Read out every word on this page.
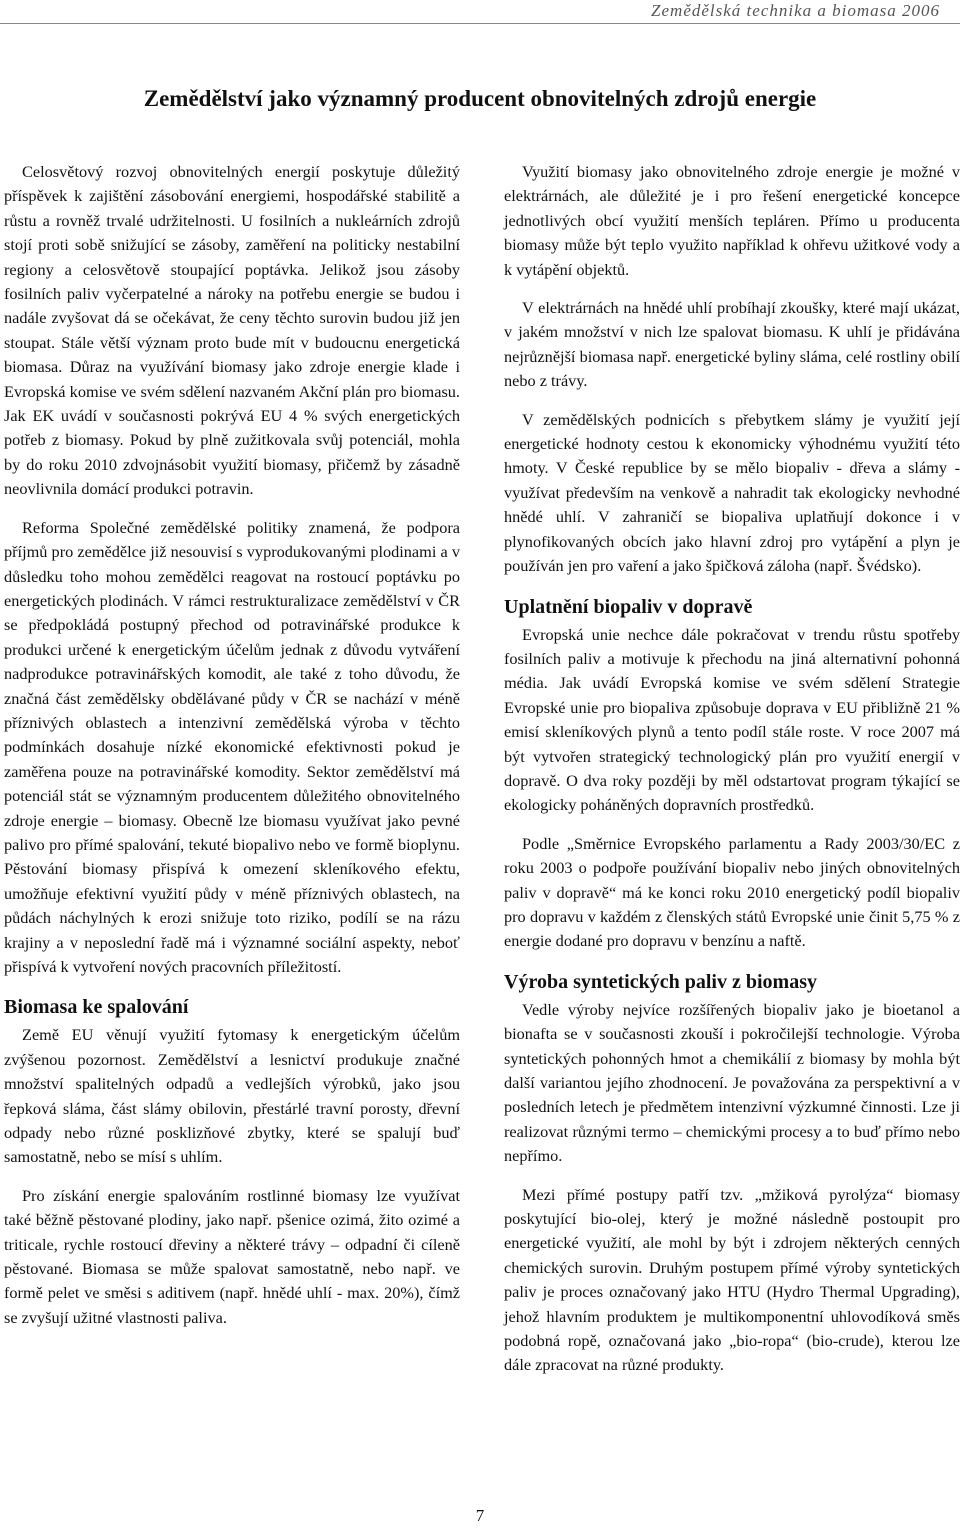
Zemědělská technika a biomasa 2006
Zemědělství jako významný producent obnovitelných zdrojů energie

Celosvětový rozvoj obnovitelných energií poskytuje důležitý příspěvek k zajištění zásobování energiemi, hospodářské stabilitě a růstu a rovněž trvalé udržitelnosti. U fosilních a nukleárních zdrojů stojí proti sobě snižující se zásoby, zaměření na politicky nestabilní regiony a celosvětově stoupající poptávka. Jelikož jsou zásoby fosilních paliv vyčerpatelné a nároky na potřebu energie se budou i nadále zvyšovat dá se očekávat, že ceny těchto surovin budou již jen stoupat. Stále větší význam proto bude mít v budoucnu energetická biomasa. Důraz na využívání biomasy jako zdroje energie klade i Evropská komise ve svém sdělení nazvaném Akční plán pro biomasu. Jak EK uvádí v současnosti pokrývá EU 4 % svých energetických potřeb z biomasy. Pokud by plně zužitkovala svůj potenciál, mohla by do roku 2010 zdvojnásobit využití biomasy, přičemž by zásadně neovlivnila domácí produkci potravin.

Reforma Společné zemědělské politiky znamená, že podpora příjmů pro zemědělce již nesouvisí s vyprodukovanými plodinami a v důsledku toho mohou zemědělci reagovat na rostoucí poptávku po energetických plodinách. V rámci restrukturalizace zemědělství v ČR se předpokládá postupný přechod od potravinářské produkce k produkci určené k energetickým účelům jednak z důvodu vytváření nadprodukce potravinářských komodit, ale také z toho důvodu, že značná část zemědělsky obdělávané půdy v ČR se nachází v méně příznivých oblastech a intenzivní zemědělská výroba v těchto podmínkách dosahuje nízké ekonomické efektivnosti pokud je zaměřena pouze na potravinářské komodity. Sektor zemědělství má potenciál stát se významným producentem důležitého obnovitelného zdroje energie – biomasy. Obecně lze biomasu využívat jako pevné palivo pro přímé spalování, tekuté biopalivo nebo ve formě bioplynu. Pěstování biomasy přispívá k omezení skleníkového efektu, umožňuje efektivní využití půdy v méně příznivých oblastech, na půdách náchylných k erozi snižuje toto riziko, podílí se na rázu krajiny a v neposlední řadě má i významné sociální aspekty, neboť přispívá k vytvoření nových pracovních příležitostí.

Biomasa ke spalování

Země EU věnují využití fytomasy k energetickým účelům zvýšenou pozornost. Zemědělství a lesnictví produkuje značné množství spalitelných odpadů a vedlejších výrobků, jako jsou řepková sláma, část slámy obilovin, přestárlé travní porosty, dřevní odpady nebo různé posklizňové zbytky, které se spalují buď samostatně, nebo se mísí s uhlím.

Pro získání energie spalováním rostlinné biomasy lze využívat také běžně pěstované plodiny, jako např. pšenice ozimá, žito ozimé a triticale, rychle rostoucí dřeviny a některé trávy – odpadní či cíleně pěstované. Biomasa se může spalovat samostatně, nebo např. ve formě pelet ve směsi s aditivem (např. hnědé uhlí - max. 20%), čímž se zvyšují užitné vlastnosti paliva.

Využití biomasy jako obnovitelného zdroje energie je možné v elektrárnách, ale důležité je i pro řešení energetické koncepce jednotlivých obcí využití menších tepláren. Přímo u producenta biomasy může být teplo využito například k ohřevu užitkové vody a k vytápění objektů.

V elektrárnách na hnědé uhlí probíhají zkoušky, které mají ukázat, v jakém množství v nich lze spalovat biomasu. K uhlí je přidávána nejrůznější biomasa např. energetické byliny sláma, celé rostliny obilí nebo z trávy.

V zemědělských podnicích s přebytkem slámy je využití její energetické hodnoty cestou k ekonomicky výhodnému využití této hmoty. V České republice by se mělo biopaliv - dřeva a slámy - využívat především na venkově a nahradit tak ekologicky nevhodné hnědé uhlí. V zahraničí se biopaliva uplatňují dokonce i v plynofikovaných obcích jako hlavní zdroj pro vytápění a plyn je používán jen pro vaření a jako špičková záloha (např. Švédsko).

Uplatnění biopaliv v dopravě

Evropská unie nechce dále pokračovat v trendu růstu spotřeby fosilních paliv a motivuje k přechodu na jiná alternativní pohonná média. Jak uvádí Evropská komise ve svém sdělení Strategie Evropské unie pro biopaliva způsobuje doprava v EU přibližně 21 % emisí skleníkových plynů a tento podíl stále roste. V roce 2007 má být vytvořen strategický technologický plán pro využití energií v dopravě. O dva roky později by měl odstartovat program týkající se ekologicky poháněných dopravních prostředků.

Podle „Směrnice Evropského parlamentu a Rady 2003/30/EC z roku 2003 o podpoře používání biopaliv nebo jiných obnovitelných paliv v dopravě“ má ke konci roku 2010 energetický podíl biopaliv pro dopravu v každém z členských států Evropské unie činit 5,75 % z energie dodané pro dopravu v benzínu a naftě.

Výroba syntetických paliv z biomasy

Vedle výroby nejvíce rozšířených biopaliv jako je bioetanol a bionafta se v současnosti zkouší i pokročilejší technologie. Výroba syntetických pohonných hmot a chemikálií z biomasy by mohla být další variantou jejího zhodnocení. Je považována za perspektivní a v posledních letech je předmětem intenzivní výzkumné činnosti. Lze ji realizovat různými termo – chemickými procesy a to buď přímo nebo nepřímo.

Mezi přímé postupy patří tzv. „mžiková pyrolýza“ biomasy poskytující bio-olej, který je možné následně postoupit pro energetické využití, ale mohl by být i zdrojem některých cenných chemických surovin. Druhým postupem přímé výroby syntetických paliv je proces označovaný jako HTU (Hydro Thermal Upgrading), jehož hlavním produktem je multikomponentní uhlovodíková směs podobná ropě, označovaná jako „bio-ropa“ (bio-crude), kterou lze dále zpracovat na různé produkty.

7
